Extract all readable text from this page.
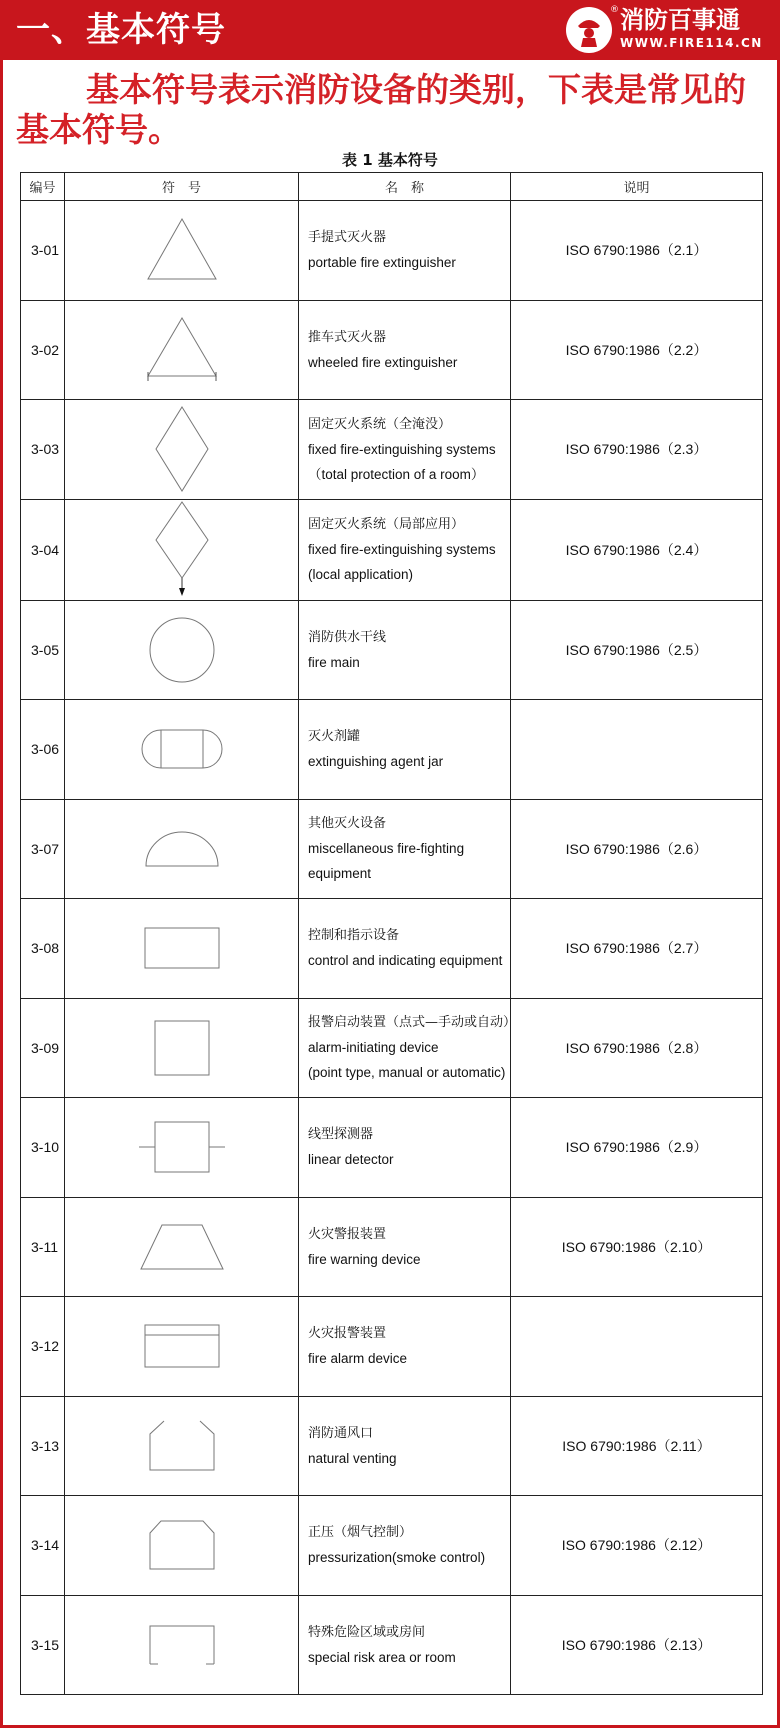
一、基本符号	® 消防百事通
WWW.FIRE114.CN
基本符号表示消防设备的类别，下表是常见的基本符号。
表 1 基本符号
编号	符　号	名　称	说明
3-01		手提式灭火器
portable fire extinguisher	ISO 6790:1986（2.1）
3-02		推车式灭火器
wheeled fire extinguisher	ISO 6790:1986（2.2）
3-03		固定灭火系统（全淹没）
fixed fire-extinguishing systems
（total protection of a room）	ISO 6790:1986（2.3）
3-04		固定灭火系统（局部应用）
fixed fire-extinguishing systems
(local application)	ISO 6790:1986（2.4）
3-05		消防供水干线
fire main	ISO 6790:1986（2.5）
3-06		灭火剂罐
extinguishing agent jar	

3-07		其他灭火设备
miscellaneous fire-fighting
equipment	ISO 6790:1986（2.6）
3-08		控制和指示设备
control and indicating equipment	ISO 6790:1986（2.7）
3-09		报警启动装置（点式—手动或自动）
alarm-initiating device
(point type, manual or automatic)	ISO 6790:1986（2.8）
3-10		线型探测器
linear detector	ISO 6790:1986（2.9）
3-11		火灾警报装置
fire warning device	ISO 6790:1986（2.10）
3-12		火灾报警装置
fire alarm device	

3-13		消防通风口
natural venting	ISO 6790:1986（2.11）
3-14		正压（烟气控制）
pressurization(smoke control)	ISO 6790:1986（2.12）
3-15		特殊危险区域或房间
special risk area or room	ISO 6790:1986（2.13）
